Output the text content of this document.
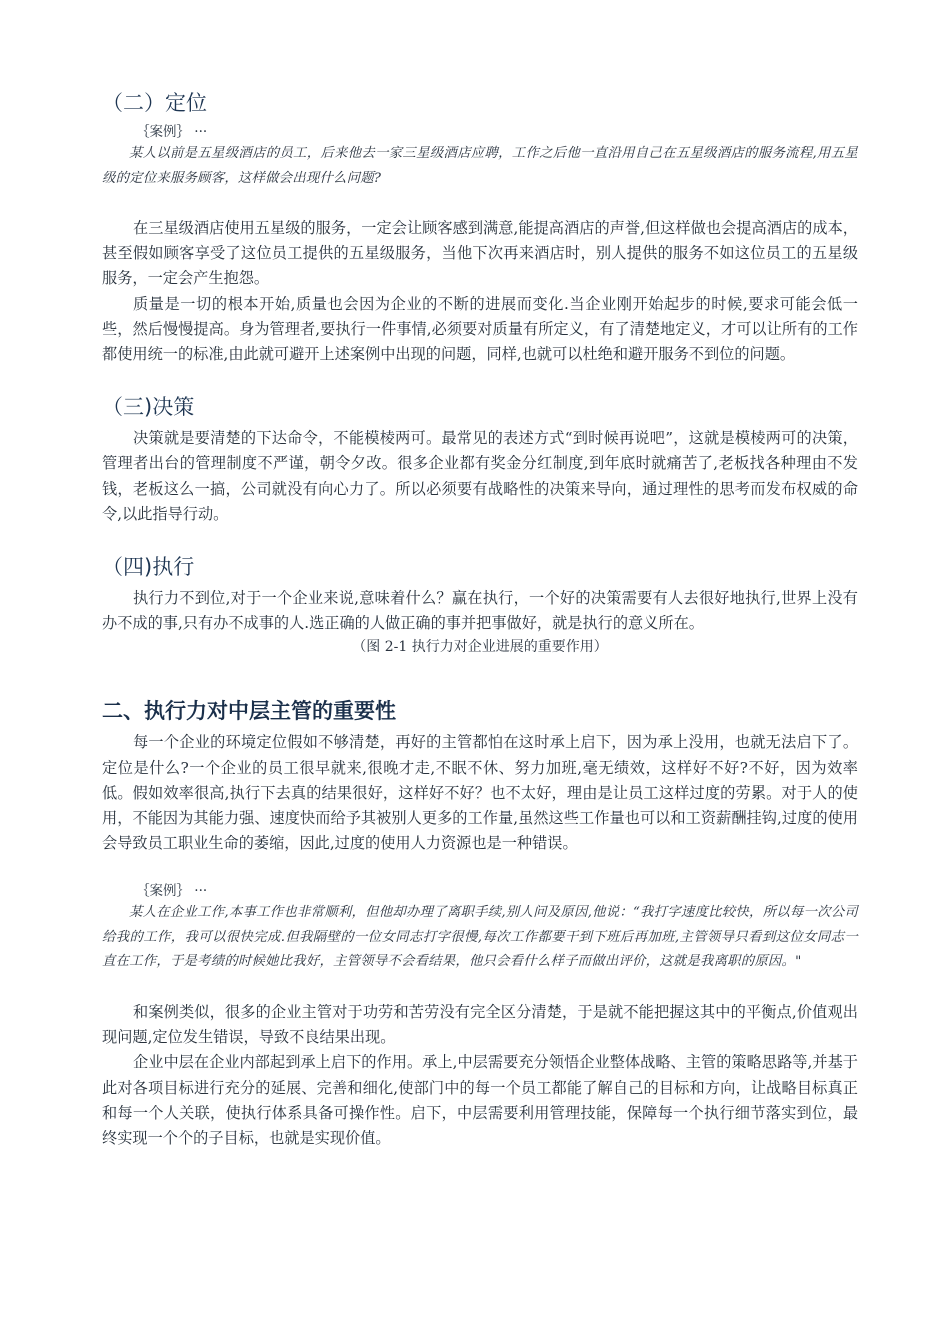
（二）定位
｛案例｝ ···

某人以前是五星级酒店的员工，后来他去一家三星级酒店应聘，工作之后他一直沿用自己在五星级酒店的服务流程,用五星级的定位来服务顾客，这样做会出现什么问题?

在三星级酒店使用五星级的服务，一定会让顾客感到满意,能提高酒店的声誉,但这样做也会提高酒店的成本，甚至假如顾客享受了这位员工提供的五星级服务，当他下次再来酒店时，别人提供的服务不如这位员工的五星级服务，一定会产生抱怨。

质量是一切的根本开始,质量也会因为企业的不断的进展而变化.当企业刚开始起步的时候,要求可能会低一些，然后慢慢提高。身为管理者,要执行一件事情,必须要对质量有所定义，有了清楚地定义，才可以让所有的工作都使用统一的标准,由此就可避开上述案例中出现的问题，同样,也就可以杜绝和避开服务不到位的问题。

（三)决策

决策就是要清楚的下达命令，不能模棱两可。最常见的表述方式“到时候再说吧”，这就是模棱两可的决策，管理者出台的管理制度不严谨，朝令夕改。很多企业都有奖金分红制度,到年底时就痛苦了,老板找各种理由不发钱，老板这么一搞，公司就没有向心力了。所以必须要有战略性的决策来导向，通过理性的思考而发布权威的命令,以此指导行动。

（四)执行

执行力不到位,对于一个企业来说,意味着什么？赢在执行，一个好的决策需要有人去很好地执行,世界上没有办不成的事,只有办不成事的人.选正确的人做正确的事并把事做好，就是执行的意义所在。

（图 2-1 执行力对企业进展的重要作用）

二、执行力对中层主管的重要性

每一个企业的环境定位假如不够清楚，再好的主管都怕在这时承上启下，因为承上没用，也就无法启下了。定位是什么?一个企业的员工很早就来,很晚才走,不眠不休、努力加班,毫无绩效，这样好不好?不好，因为效率低。假如效率很高,执行下去真的结果很好，这样好不好？也不太好，理由是让员工这样过度的劳累。对于人的使用，不能因为其能力强、速度快而给予其被别人更多的工作量,虽然这些工作量也可以和工资薪酬挂钩,过度的使用会导致员工职业生命的萎缩，因此,过度的使用人力资源也是一种错误。

｛案例｝ ···

某人在企业工作,本事工作也非常顺利，但他却办理了离职手续,别人问及原因,他说：“我打字速度比较快，所以每一次公司给我的工作，我可以很快完成.但我隔壁的一位女同志打字很慢,每次工作都要干到下班后再加班,主管领导只看到这位女同志一直在工作，于是考绩的时候她比我好，主管领导不会看结果，他只会看什么样子而做出评价，这就是我离职的原因。"

和案例类似，很多的企业主管对于功劳和苦劳没有完全区分清楚，于是就不能把握这其中的平衡点,价值观出现问题,定位发生错误，导致不良结果出现。

企业中层在企业内部起到承上启下的作用。承上,中层需要充分领悟企业整体战略、主管的策略思路等,并基于此对各项目标进行充分的延展、完善和细化,使部门中的每一个员工都能了解自己的目标和方向，让战略目标真正和每一个人关联，使执行体系具备可操作性。启下，中层需要利用管理技能，保障每一个执行细节落实到位，最终实现一个个的子目标，也就是实现价值。
